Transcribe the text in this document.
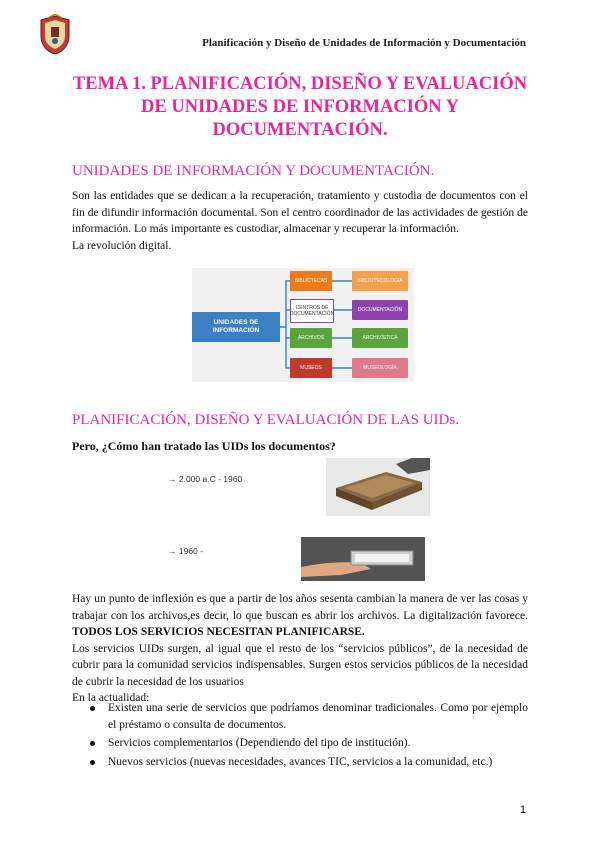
Planificación y Diseño de Unidades de Información y Documentación
TEMA 1. PLANIFICACIÓN, DISEÑO Y EVALUACIÓN
DE UNIDADES DE INFORMACIÓN Y
DOCUMENTACIÓN.
UNIDADES DE INFORMACIÓN Y DOCUMENTACIÓN.

Son las entidades que se dedican a la recuperación, tratamiento y custodia de documentos con el fin de difundir información documental. Son el centro coordinador de las actividades de gestión de información. Lo más importante es custodiar, almacenar y recuperar la información.

La revolución digital.

UNIDADES DE INFORMACIÓN
BIBLIOTECAS
CENTROS DE DOCUMENTACIÓN
ARCHIVOS
MUSEOS
BIBLIOTECOLOGÍA
DOCUMENTACIÓN
ARCHIVÍSTICA
MUSEOLOGÍA
PLANIFICACIÓN, DISEÑO Y EVALUACIÓN DE LAS UIDs.
Pero, ¿Cómo han tratado las UIDs los documentos?
→ 2.000 a.C - 1960
→ 1960 -

Hay un punto de inflexión es que a partir de los años sesenta cambian la manera de ver las cosas y trabajar con los archivos,es decir, lo que buscan es abrir los archivos. La digitalización favorece. TODOS LOS SERVICIOS NECESITAN PLANIFICARSE.

Los servicios UIDs surgen, al igual que el resto de los “servicios públicos”, de la necesidad de cubrir para la comunidad servicios indispensables. Surgen estos servicios públicos de la necesidad de cubrir la necesidad de los usuarios

En la actualidad:

Existen una serie de servicios que podríamos denominar tradicionales. Como por ejemplo el préstamo o consulta de documentos.
Servicios complementarios (Dependiendo del tipo de institución).
Nuevos servicios (nuevas necesidades, avances TIC, servicios a la comunidad, etc.)
1
